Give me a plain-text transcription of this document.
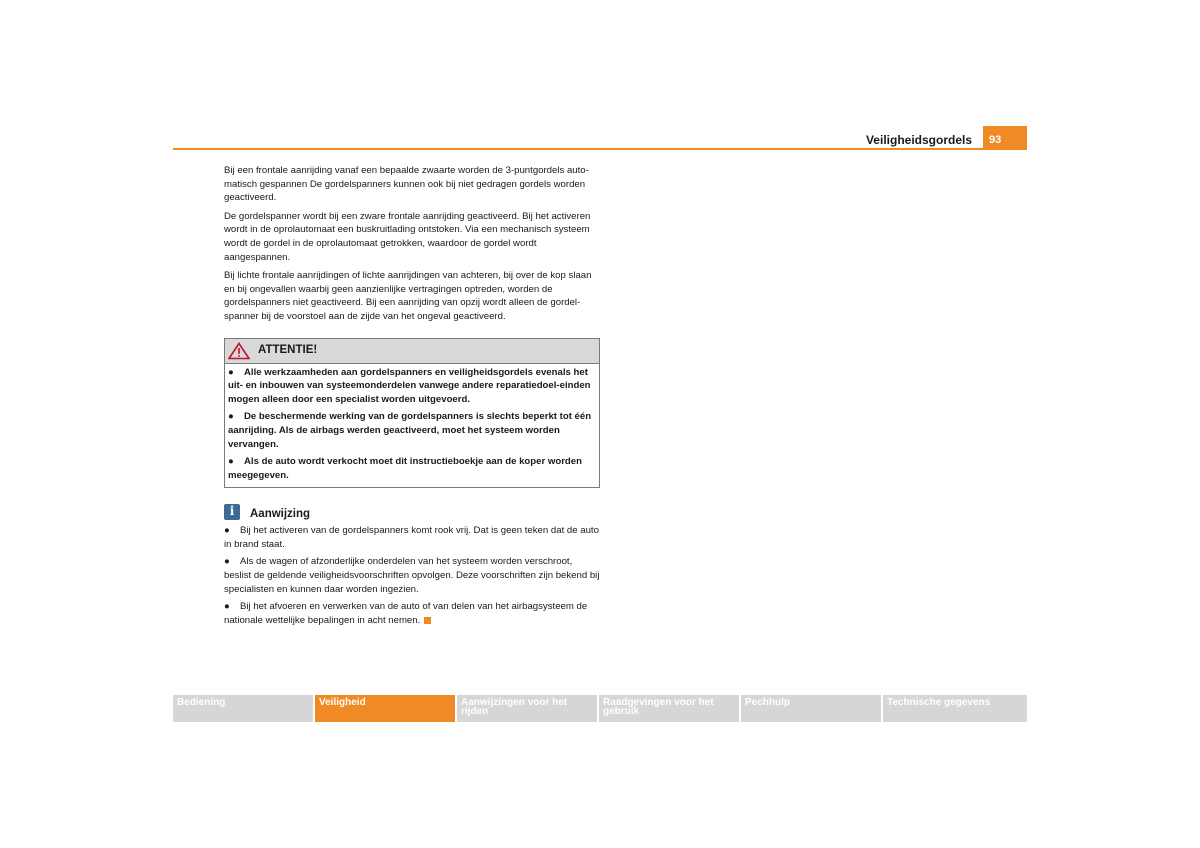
Veiligheidsgordels	93

Bij een frontale aanrijding vanaf een bepaalde zwaarte worden de 3-puntgordels auto-matisch gespannen De gordelspanners kunnen ook bij niet gedragen gordels worden geactiveerd.

De gordelspanner wordt bij een zware frontale aanrijding geactiveerd. Bij het activeren wordt in de oprolautomaat een buskruitlading ontstoken. Via een mechanisch systeem wordt de gordel in de oprolautomaat getrokken, waardoor de gordel wordt aangespannen.

Bij lichte frontale aanrijdingen of lichte aanrijdingen van achteren, bij over de kop slaan en bij ongevallen waarbij geen aanzienlijke vertragingen optreden, worden de gordelspanners niet geactiveerd. Bij een aanrijding van opzij wordt alleen de gordel-spanner bij de voorstoel aan de zijde van het ongeval geactiveerd.

ATTENTIE!
● Alle werkzaamheden aan gordelspanners en veiligheidsgordels evenals het uit- en inbouwen van systeemonderdelen vanwege andere reparatiedoel-einden mogen alleen door een specialist worden uitgevoerd.
● De beschermende werking van de gordelspanners is slechts beperkt tot één aanrijding. Als de airbags werden geactiveerd, moet het systeem worden vervangen.
● Als de auto wordt verkocht moet dit instructieboekje aan de koper worden meegegeven.
i	Aanwijzing
● Bij het activeren van de gordelspanners komt rook vrij. Dat is geen teken dat de auto in brand staat.
● Als de wagen of afzonderlijke onderdelen van het systeem worden verschroot, beslist de geldende veiligheidsvoorschriften opvolgen. Deze voorschriften zijn bekend bij specialisten en kunnen daar worden ingezien.
● Bij het afvoeren en verwerken van de auto of van delen van het airbagsysteem de nationale wettelijke bepalingen in acht nemen.
Bediening	Veiligheid	Aanwijzingen voor het rijden
Raadgevingen voor het gebruik
Pechhulp	Technische gegevens
